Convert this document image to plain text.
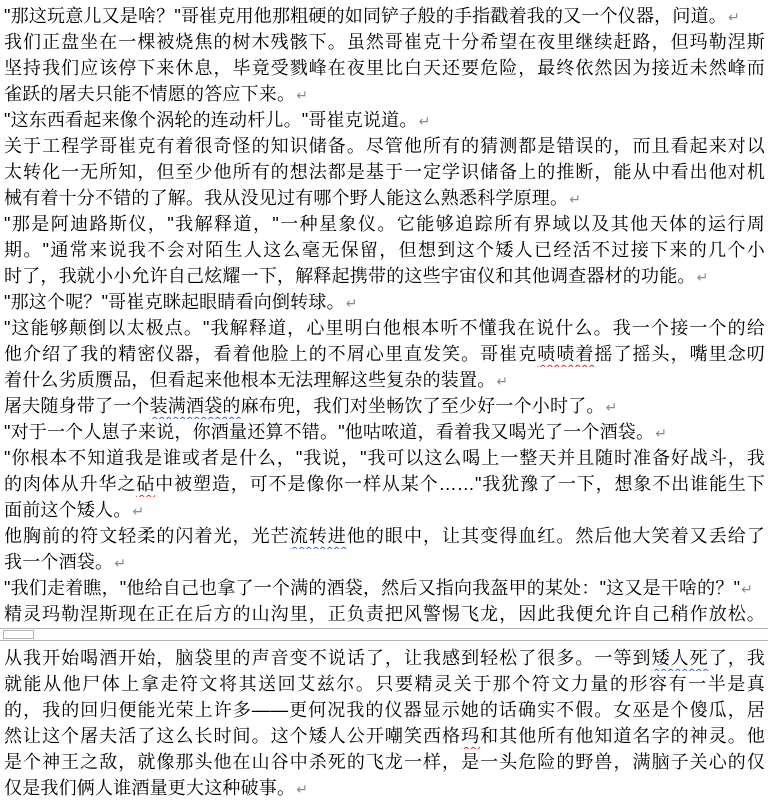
"那这玩意儿又是啥？"哥崔克用他那粗硬的如同铲子般的手指戳着我的又一个仪器，问道。↵
我们正盘坐在一棵被烧焦的树木残骸下。虽然哥崔克十分希望在夜里继续赶路，但玛勒涅斯
坚持我们应该停下来休息，毕竟受戮峰在夜里比白天还要危险，最终依然因为接近未然峰而
雀跃的屠夫只能不情愿的答应下来。↵
"这东西看起来像个涡轮的连动杆儿。"哥崔克说道。↵
关于工程学哥崔克有着很奇怪的知识储备。尽管他所有的猜测都是错误的，而且看起来对以
太转化一无所知，但至少他所有的想法都是基于一定学识储备上的推断，能从中看出他对机
械有着十分不错的了解。我从没见过有哪个野人能这么熟悉科学原理。↵
"那是阿迪路斯仪，"我解释道，"一种星象仪。它能够追踪所有界域以及其他天体的运行周
期。"通常来说我不会对陌生人这么毫无保留，但想到这个矮人已经活不过接下来的几个小
时了，我就小小允许自己炫耀一下，解释起携带的这些宇宙仪和其他调查器材的功能。↵
"那这个呢？"哥崔克眯起眼睛看向倒转球。↵
"这能够颠倒以太极点。"我解释道，心里明白他根本听不懂我在说什么。我一个接一个的给
他介绍了我的精密仪器，看着他脸上的不屑心里直发笑。哥崔克啧啧着摇了摇头，嘴里念叨
着什么劣质赝品，但看起来他根本无法理解这些复杂的装置。↵
屠夫随身带了一个装满酒袋的麻布兜，我们对坐畅饮了至少好一个小时了。↵
"对于一个人崽子来说，你酒量还算不错。"他咕哝道，看着我又喝光了一个酒袋。↵
"你根本不知道我是谁或者是什么，"我说，"我可以这么喝上一整天并且随时准备好战斗，我
的肉体从升华之砧中被塑造，可不是像你一样从某个……"我犹豫了一下，想象不出谁能生下
面前这个矮人。↵
他胸前的符文轻柔的闪着光，光芒流转进他的眼中，让其变得血红。然后他大笑着又丢给了
我一个酒袋。↵
"我们走着瞧，"他给自己也拿了一个满的酒袋，然后又指向我盔甲的某处："这又是干啥的？"↵
精灵玛勒涅斯现在正在后方的山沟里，正负责把风警惕飞龙，因此我便允许自己稍作放松。
从我开始喝酒开始，脑袋里的声音变不说话了，让我感到轻松了很多。一等到矮人死了，我
就能从他尸体上拿走符文将其送回艾兹尔。只要精灵关于那个符文力量的形容有一半是真
的，我的回归便能光荣上许多——更何况我的仪器显示她的话确实不假。女巫是个傻瓜，居
然让这个屠夫活了这么长时间。这个矮人公开嘲笑西格玛和其他所有他知道名字的神灵。他
是个神王之敌，就像那头他在山谷中杀死的飞龙一样，是一头危险的野兽，满脑子关心的仅
仅是我们俩人谁酒量更大这种破事。↵
